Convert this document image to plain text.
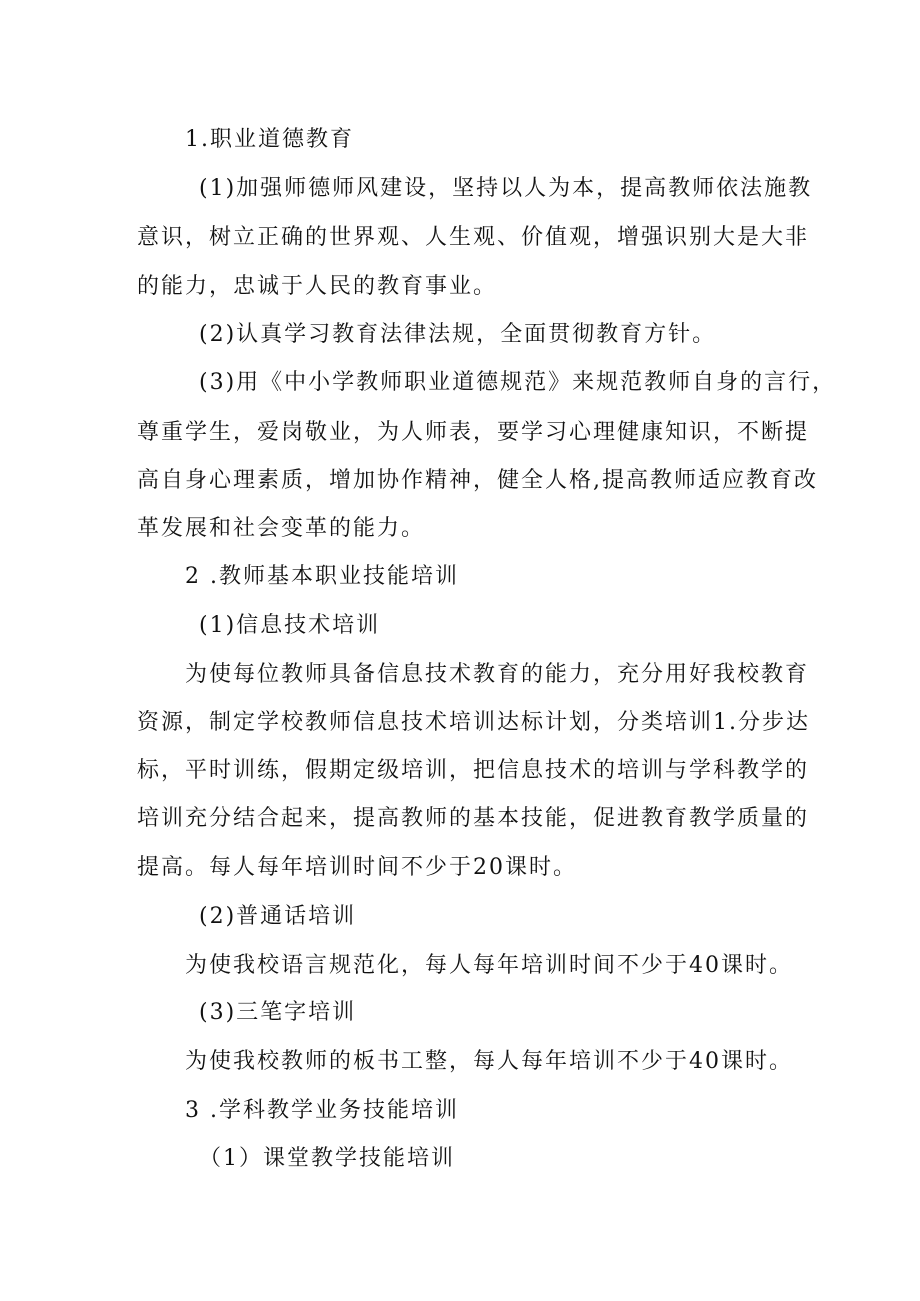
1.职业道德教育
(1)加强师德师风建设，坚持以人为本，提高教师依法施教
意识，树立正确的世界观、人生观、价值观，增强识别大是大非
的能力，忠诚于人民的教育事业。
(2)认真学习教育法律法规，全面贯彻教育方针。
(3)用《中小学教师职业道德规范》来规范教师自身的言行，
尊重学生，爱岗敬业，为人师表，要学习心理健康知识，不断提
高自身心理素质，增加协作精神，健全人格,提高教师适应教育改
革发展和社会变革的能力。
2 .教师基本职业技能培训
(1)信息技术培训
为使每位教师具备信息技术教育的能力，充分用好我校教育
资源，制定学校教师信息技术培训达标计划，分类培训1.分步达
标，平时训练，假期定级培训，把信息技术的培训与学科教学的
培训充分结合起来，提高教师的基本技能，促进教育教学质量的
提高。每人每年培训时间不少于20课时。
(2)普通话培训
为使我校语言规范化，每人每年培训时间不少于40课时。
(3)三笔字培训
为使我校教师的板书工整，每人每年培训不少于40课时。
3 .学科教学业务技能培训
（1）课堂教学技能培训
